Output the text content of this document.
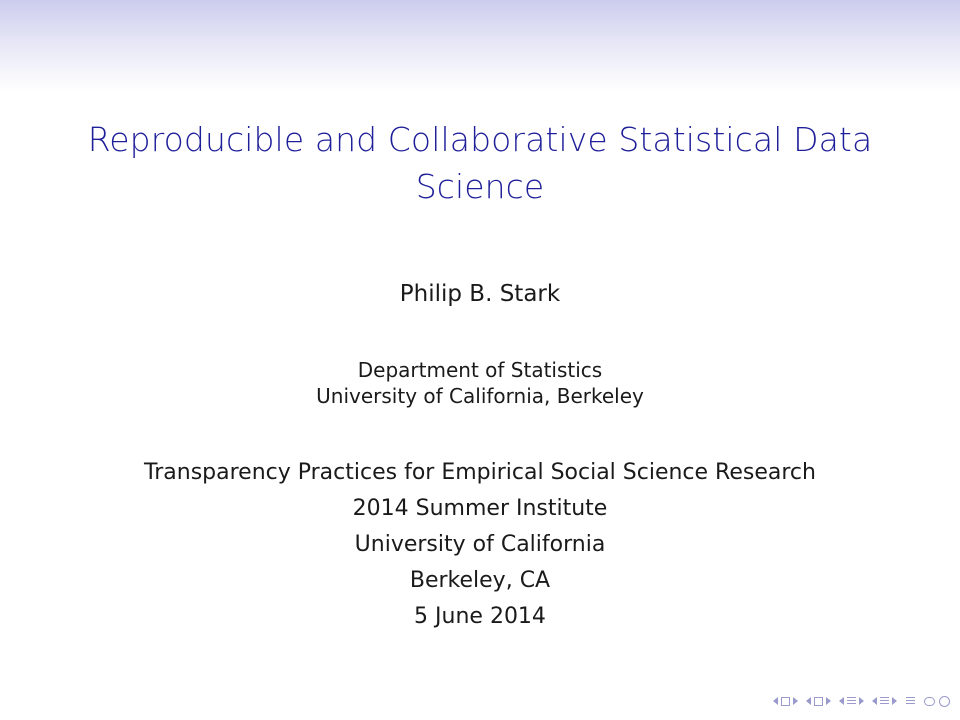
Reproducible and Collaborative Statistical Data
Science
Philip B. Stark
Department of Statistics
University of California, Berkeley
Transparency Practices for Empirical Social Science Research
2014 Summer Institute
University of California
Berkeley, CA
5 June 2014
